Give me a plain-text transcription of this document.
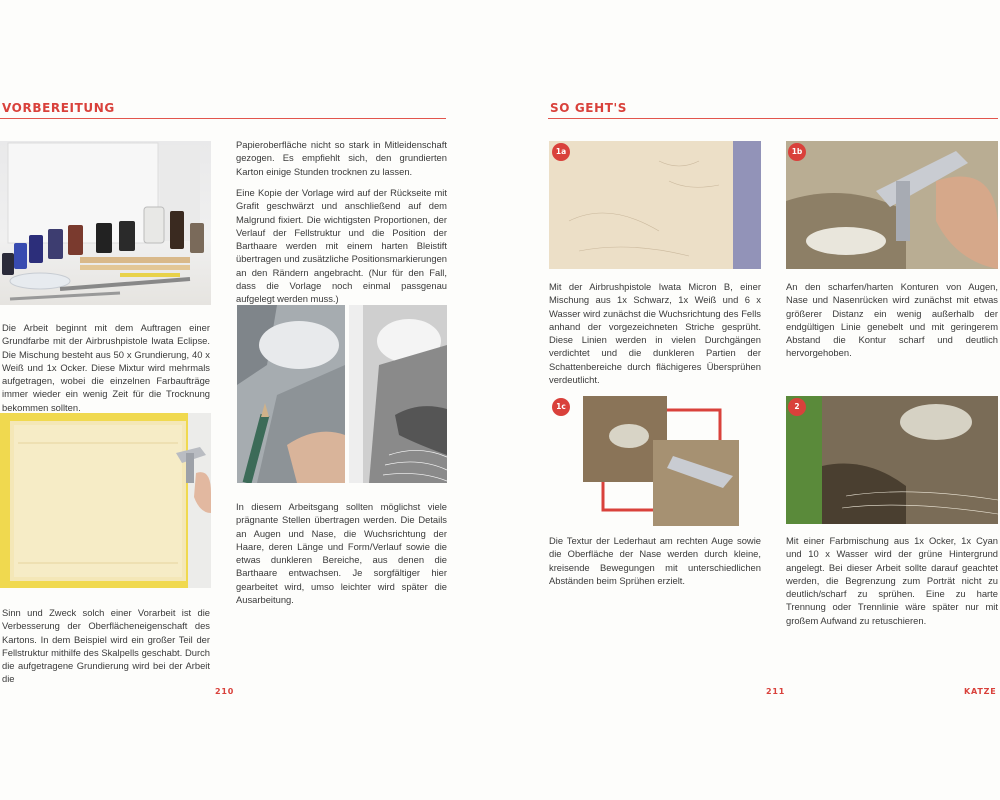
VORBEREITUNG

Die Arbeit beginnt mit dem Auftragen einer Grundfarbe mit der Airbrushpistole Iwata Eclipse. Die Mischung besteht aus 50 x Grundierung, 40 x Weiß und 1x Ocker. Diese Mixtur wird mehrmals aufgetragen, wobei die einzelnen Farbaufträge immer wieder ein wenig Zeit für die Trocknung bekommen sollten.

Sinn und Zweck solch einer Vorarbeit ist die Verbesserung der Oberflächeneigenschaft des Kartons. In dem Beispiel wird ein großer Teil der Fellstruktur mithilfe des Skalpells geschabt. Durch die aufgetragene Grundierung wird bei der Arbeit die

Papieroberfläche nicht so stark in Mitleidenschaft gezogen. Es empfiehlt sich, den grundierten Karton einige Stunden trocknen zu lassen.

Eine Kopie der Vorlage wird auf der Rückseite mit Grafit geschwärzt und anschließend auf dem Malgrund fixiert. Die wichtigsten Proportionen, der Verlauf der Fellstruktur und die Position der Barthaare werden mit einem harten Bleistift übertragen und zusätzliche Positionsmarkierungen an den Rändern angebracht. (Nur für den Fall, dass die Vorlage noch einmal passgenau aufgelegt werden muss.)

In diesem Arbeitsgang sollten möglichst viele prägnante Stellen übertragen werden. Die Details an Augen und Nase, die Wuchsrichtung der Haare, deren Länge und Form/Verlauf sowie die etwas dunkleren Bereiche, aus denen die Barthaare entwachsen. Je sorgfältiger hier gearbeitet wird, umso leichter wird später die Ausarbeitung.

210
SO GEHT'S
1a

Mit der Airbrushpistole Iwata Micron B, einer Mischung aus 1x Schwarz, 1x Weiß und 6 x Wasser wird zunächst die Wuchsrichtung des Fells anhand der vorgezeichneten Striche gesprüht. Diese Linien werden in vielen Durchgängen verdichtet und die dunkleren Partien der Schattenbereiche durch flächigeres Übersprühen verdeutlicht.

1b

An den scharfen/harten Konturen von Augen, Nase und Nasenrücken wird zunächst mit etwas größerer Distanz ein wenig außerhalb der endgültigen Linie genebelt und mit geringerem Abstand die Kontur scharf und deutlich hervorgehoben.

1c

Die Textur der Lederhaut am rechten Auge sowie die Oberfläche der Nase werden durch kleine, kreisende Bewegungen mit unterschiedlichen Abständen beim Sprühen erzielt.

2

Mit einer Farbmischung aus 1x Ocker, 1x Cyan und 10 x Wasser wird der grüne Hintergrund angelegt. Bei dieser Arbeit sollte darauf geachtet werden, die Begrenzung zum Porträt nicht zu deutlich/scharf zu sprühen. Eine zu harte Trennung oder Trennlinie wäre später nur mit großem Aufwand zu retuschieren.

211	KATZE
